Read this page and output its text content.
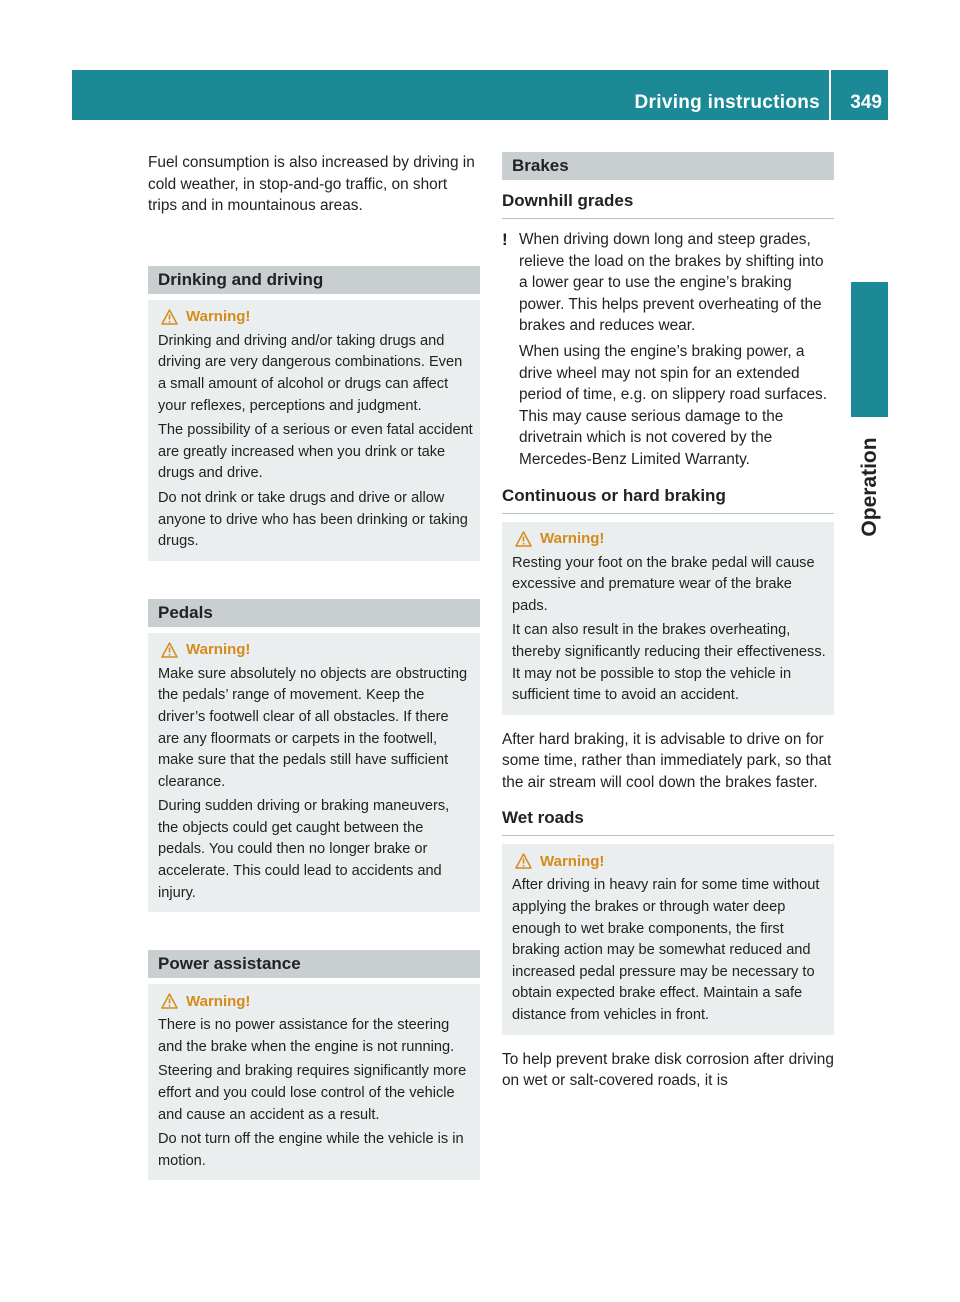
Driving instructions 349
Operation

Fuel consumption is also increased by driving in cold weather, in stop-and-go traffic, on short trips and in mountainous areas.

Drinking and driving
Warning!

Drinking and driving and/or taking drugs and driving are very dangerous combinations. Even a small amount of alcohol or drugs can affect your reflexes, perceptions and judgment.

The possibility of a serious or even fatal accident are greatly increased when you drink or take drugs and drive.

Do not drink or take drugs and drive or allow anyone to drive who has been drinking or taking drugs.

Pedals
Warning!

Make sure absolutely no objects are obstructing the pedals’ range of movement. Keep the driver’s footwell clear of all obstacles. If there are any floormats or carpets in the footwell, make sure that the pedals still have sufficient clearance.

During sudden driving or braking maneuvers, the objects could get caught between the pedals. You could then no longer brake or accelerate. This could lead to accidents and injury.

Power assistance
Warning!

There is no power assistance for the steering and the brake when the engine is not running.

Steering and braking requires significantly more effort and you could lose control of the vehicle and cause an accident as a result.

Do not turn off the engine while the vehicle is in motion.

Brakes
Downhill grades
! When driving down long and steep grades, relieve the load on the brakes by shifting into a lower gear to use the engine’s braking power. This helps prevent overheating of the brakes and reduces wear.

When using the engine’s braking power, a drive wheel may not spin for an extended period of time, e.g. on slippery road surfaces. This may cause serious damage to the drivetrain which is not covered by the Mercedes-Benz Limited Warranty.

Continuous or hard braking
Warning!

Resting your foot on the brake pedal will cause excessive and premature wear of the brake pads.

It can also result in the brakes overheating, thereby significantly reducing their effectiveness. It may not be possible to stop the vehicle in sufficient time to avoid an accident.

After hard braking, it is advisable to drive on for some time, rather than immediately park, so that the air stream will cool down the brakes faster.

Wet roads
Warning!

After driving in heavy rain for some time without applying the brakes or through water deep enough to wet brake components, the first braking action may be somewhat reduced and increased pedal pressure may be necessary to obtain expected brake effect. Maintain a safe distance from vehicles in front.

To help prevent brake disk corrosion after driving on wet or salt-covered roads, it is
